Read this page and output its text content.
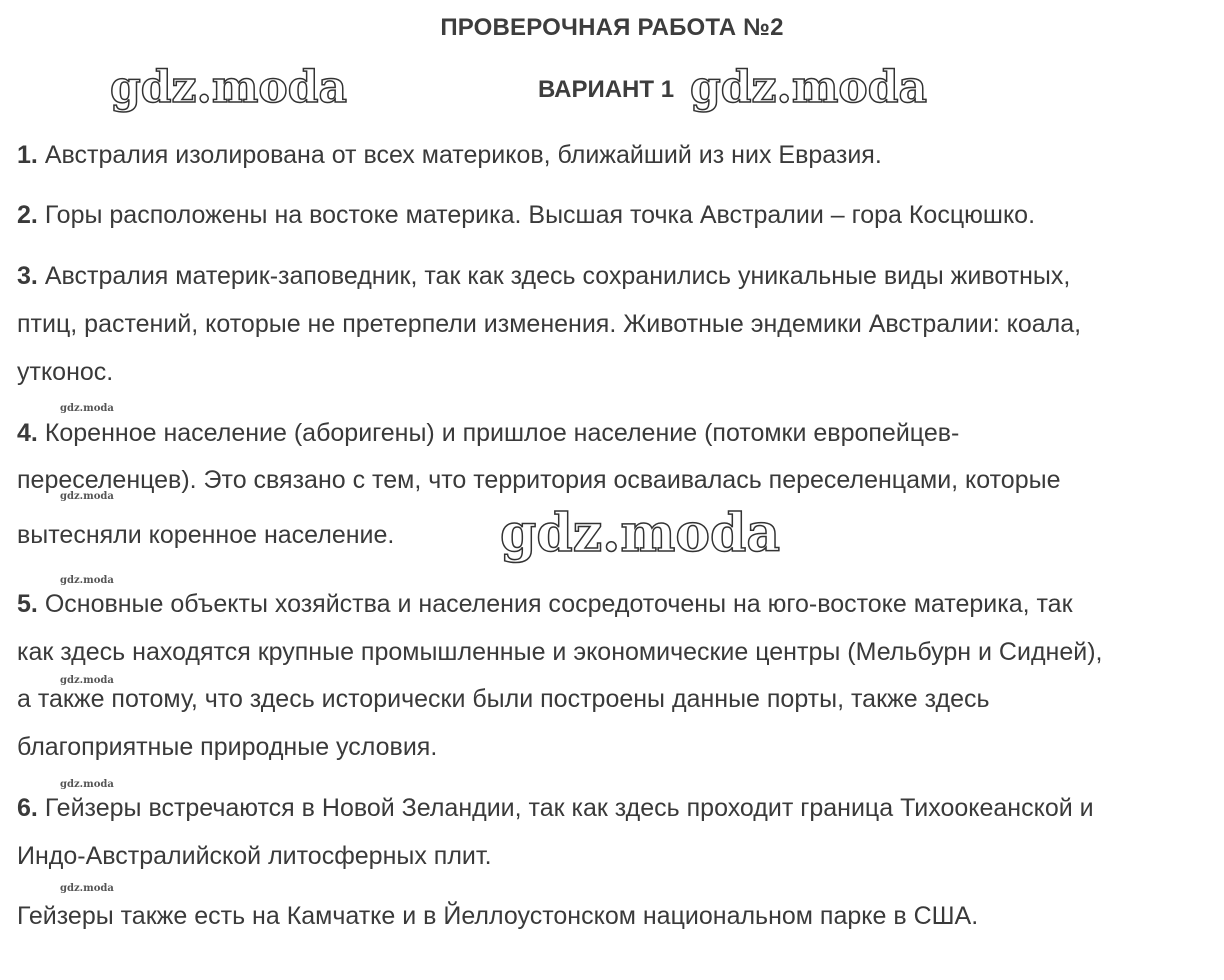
ПРОВЕРОЧНАЯ РАБОТА №2
ВАРИАНТ 1
gdz.moda	gdz.moda
gdz.moda
gdz.moda
gdz.moda
gdz.moda
gdz.moda
gdz.moda
gdz.moda
1. Австралия изолирована от всех материков, ближайший из них Евразия.
2. Горы расположены на востоке материка. Высшая точка Австралии – гора Косцюшко.
3. Австралия материк-заповедник, так как здесь сохранились уникальные виды животных,
птиц, растений, которые не претерпели изменения. Животные эндемики Австралии: коала,
утконос.
4. Коренное население (аборигены) и пришлое население (потомки европейцев-
переселенцев). Это связано с тем, что территория осваивалась переселенцами, которые
вытесняли коренное население.
5. Основные объекты хозяйства и населения сосредоточены на юго-востоке материка, так
как здесь находятся крупные промышленные и экономические центры (Мельбурн и Сидней),
а также потому, что здесь исторически были построены данные порты, также здесь
благоприятные природные условия.
6. Гейзеры встречаются в Новой Зеландии, так как здесь проходит граница Тихоокеанской и
Индо-Австралийской литосферных плит.
Гейзеры также есть на Камчатке и в Йеллоустонском национальном парке в США.
